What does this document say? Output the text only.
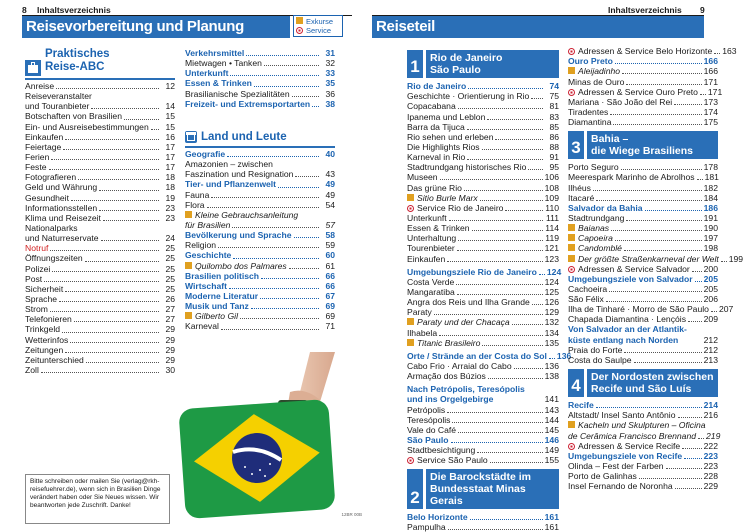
8 Inhaltsverzeichnis
Reisevorbereitung und Planung	Exkurse
Service
Praktisches
Reise-ABC
Anreise	12
Reiseveranstalter
und Touranbieter	14
Botschaften von Brasilien	15
Ein- und Ausreisebestimmungen	15
Einkaufen	16
Feiertage	17
Ferien	17
Feste	17
Fotografieren	18
Geld und Währung	18
Gesundheit	19
Informationsstellen	23
Klima und Reisezeit	23
Nationalparks
und Naturreservate	24
Notruf	25
Öffnungszeiten	25
Polizei	25
Post	25
Sicherheit	25
Sprache	26
Strom	27
Telefonieren	27
Trinkgeld	29
Wetterinfos	29
Zeitungen	29
Zeitunterschied	29
Zoll	30
Verkehrsmittel	31
Mietwagen • Tanken	32
Unterkunft	33
Essen & Trinken	35
Brasilianische Spezialitäten	36
Freizeit- und Extremsportarten	38
Land und Leute
Geografie	40
Amazonien – zwischen
Faszination und Resignation	43
Tier- und Pflanzenwelt	49
Fauna	49
Flora	54
Kleine Gebrauchsanleitung
für Brasilien	57
Bevölkerung und Sprache	58
Religion	59
Geschichte	60
Quilombo dos Palmares	61
Brasilien politisch	66
Wirtschaft	66
Moderne Literatur	67
Musik und Tanz	69
Gilberto Gil	69
Karneval	71
12BR 00B
Bitte schreiben oder mailen Sie (verlag@rkh-reisefuehrer.de), wenn sich in Brasilien Dinge verändert haben oder Sie Neues wissen. Wir beantworten jede Zuschrift. Danke!
Inhaltsverzeichnis 9
Reiseteil
1 Rio de Janeiro
São Paulo
Rio de Janeiro	74
Geschichte · Orientierung in Rio	75
Copacabana	81
Ipanema und Leblon	83
Barra da Tijuca	85
Rio sehen und erleben	86
Die Highlights Rios	88
Karneval in Rio	91
Stadtrundgang historisches Rio	95
Museen	106
Das grüne Rio	108
Sitio Burle Marx	109
Service Rio de Janeiro	110
Unterkunft	111
Essen & Trinken	114
Unterhaltung	119
Tourenbieter	121
Einkaufen	123
Umgebungsziele Rio de Janeiro 124
Costa Verde	124
Mangaratiba	125
Angra dos Reis und Ilha Grande 126
Paraty	129
Paraty und der Chacaça	132
Ilhabela	134
Titanic Brasileiro	135
Orte / Strände an der Costa do Sol 136
Cabo Frio · Arraial do Cabo	136
Armação dos Búzios	138
Nach Petrópolis, Teresópolis
und ins Orgelgebirge	141
Petrópolis	143
Teresópolis	144
Vale do Café	145
São Paulo	146
Stadtbesichtigung	149
Service São Paulo	155
2
Die Barockstädte im
Bundesstaat Minas Gerais
Belo Horizonte	161
Pampulha	161
Adressen & Service Belo Horizonte 163
Ouro Preto	166
Aleijadinho	166
Minas de Ouro	171
Adressen & Service Ouro Preto 171
Mariana · São João del Rei	173
Tiradentes	174
Diamantina	175
3 Bahia –
die Wiege Brasiliens
Porto Seguro	178
Meerespark Marinho de Abrolhos 181
Ilhéus	182
Itacaré	184
Salvador da Bahia	186
Stadtrundgang	191
Baianas	190
Capoeira	197
Candomblé	198
Der größte Straßenkarneval der Welt 199
Adressen & Service Salvador 200
Umgebungsziele von Salvador 205
Cachoeira	205
São Félix	206
Ilha de Tinharé · Morro de São Paulo 207
Chapada Diamantina · Lençóis 209
Von Salvador an der Atlantik-
küste entlang nach Norden	212
Praia do Forte	212
Costa do Saulpe	213
4 Der Nordosten zwischen
Recife und São Luís
Recife	214
Altstadt/ Insel Santo Antônio	216
Kacheln und Skulpturen – Oficina
de Cerâmica Francisco Brennand 219
Adressen & Service Recife	222
Umgebungsziele von Recife	223
Olinda – Fest der Farben	223
Porto de Galinhas	228
Insel Fernando de Noronha	229
